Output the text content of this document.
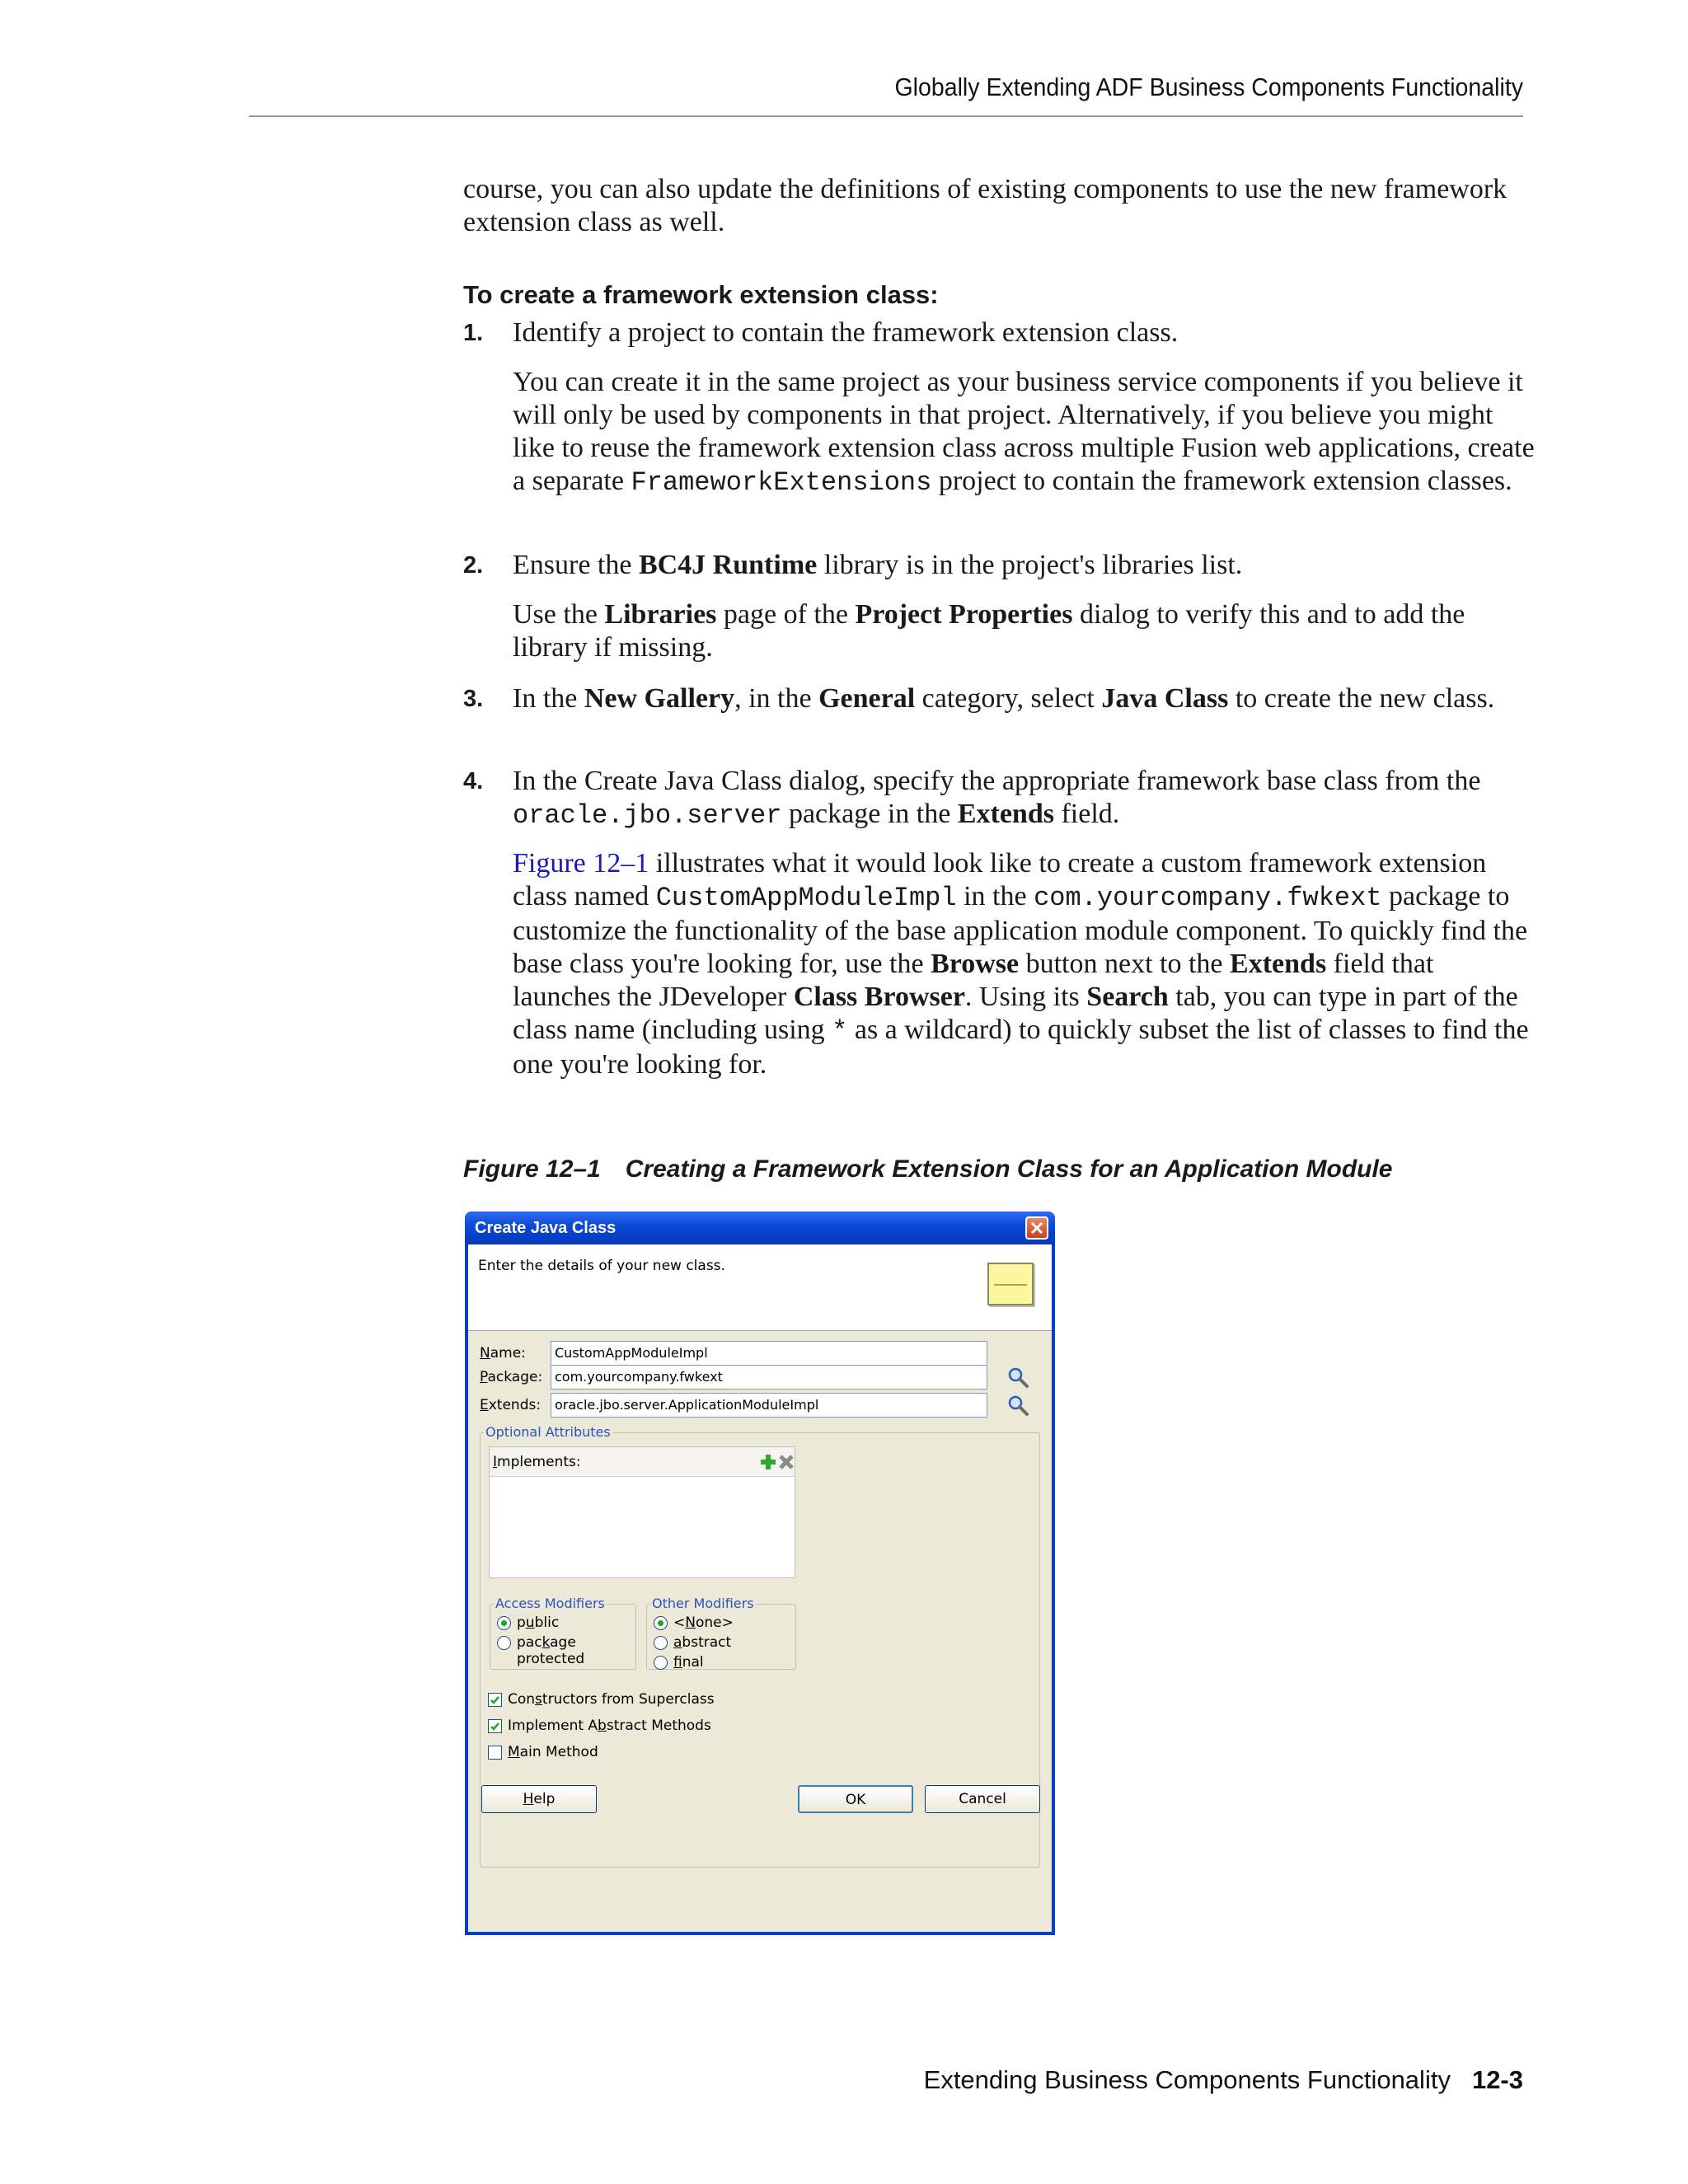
Globally Extending ADF Business Components Functionality
course, you can also update the definitions of existing components to use the new framework extension class as well.
To create a framework extension class:
1. Identify a project to contain the framework extension class.
You can create it in the same project as your business service components if you believe it will only be used by components in that project. Alternatively, if you believe you might like to reuse the framework extension class across multiple Fusion web applications, create a separate FrameworkExtensions project to contain the framework extension classes.
2. Ensure the BC4J Runtime library is in the project's libraries list.
Use the Libraries page of the Project Properties dialog to verify this and to add the library if missing.
3. In the New Gallery, in the General category, select Java Class to create the new class.
4. In the Create Java Class dialog, specify the appropriate framework base class from the oracle.jbo.server package in the Extends field.
Figure 12–1 illustrates what it would look like to create a custom framework extension class named CustomAppModuleImpl in the com.yourcompany.fwkext package to customize the functionality of the base application module component. To quickly find the base class you're looking for, use the Browse button next to the Extends field that launches the JDeveloper Class Browser. Using its Search tab, you can type in part of the class name (including using * as a wildcard) to quickly subset the list of classes to find the one you're looking for.
Figure 12–1 Creating a Framework Extension Class for an Application Module
Create Java Class
Enter the details of your new class.
Name:	CustomAppModuleImpl
Package: com.yourcompany.fwkext
Extends:	oracle.jbo.server.ApplicationModuleImpl
Optional Attributes
Implements:
Access Modifiers
public
package protected
Other Modifiers
<None>
abstract
final
Constructors from Superclass
Implement Abstract Methods
Main Method
Help	OK	Cancel
Extending Business Components Functionality 12-3
